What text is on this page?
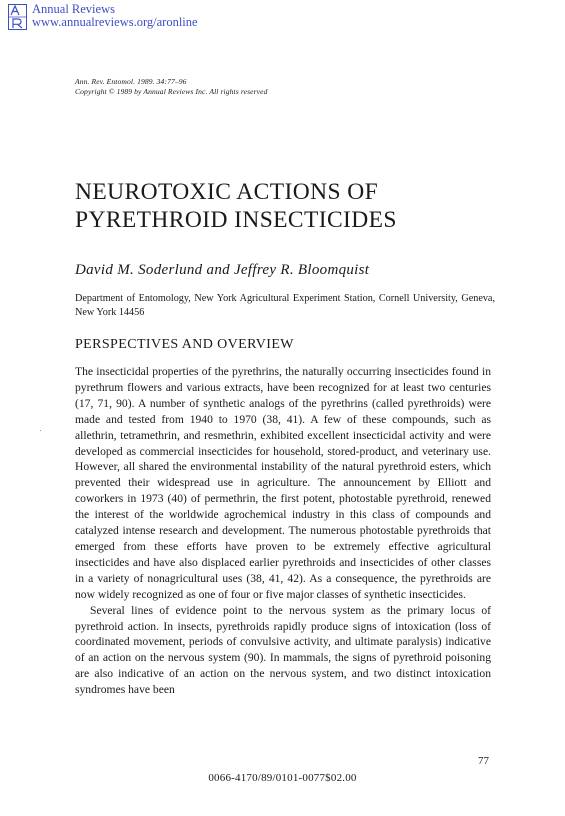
Annual Reviews
www.annualreviews.org/aronline
Ann. Rev. Entomol. 1989. 34:77–96
Copyright © 1989 by Annual Reviews Inc. All rights reserved
NEUROTOXIC ACTIONS OF
PYRETHROID INSECTICIDES
David M. Soderlund and Jeffrey R. Bloomquist
Department of Entomology, New York Agricultural Experiment Station, Cornell University, Geneva, New York 14456
PERSPECTIVES AND OVERVIEW

The insecticidal properties of the pyrethrins, the naturally occurring insecticides found in pyrethrum flowers and various extracts, have been recognized for at least two centuries (17, 71, 90). A number of synthetic analogs of the pyrethrins (called pyrethroids) were made and tested from 1940 to 1970 (38, 41). A few of these compounds, such as allethrin, tetramethrin, and resmethrin, exhibited excellent insecticidal activity and were developed as commercial insecticides for household, stored-product, and veterinary use. However, all shared the environmental instability of the natural pyrethroid esters, which prevented their widespread use in agriculture. The announcement by Elliott and coworkers in 1973 (40) of permethrin, the first potent, photostable pyrethroid, renewed the interest of the worldwide agrochemical industry in this class of compounds and catalyzed intense research and development. The numerous photostable pyrethroids that emerged from these efforts have proven to be extremely effective agricultural insecticides and have also displaced earlier pyrethroids and insecticides of other classes in a variety of nonagricultural uses (38, 41, 42). As a consequence, the pyrethroids are now widely recognized as one of four or five major classes of synthetic insecticides.

Several lines of evidence point to the nervous system as the primary locus of pyrethroid action. In insects, pyrethroids rapidly produce signs of intoxication (loss of coordinated movement, periods of convulsive activity, and ultimate paralysis) indicative of an action on the nervous system (90). In mammals, the signs of pyrethroid poisoning are also indicative of an action on the nervous system, and two distinct intoxication syndromes have been

77
0066-4170/89/0101-0077$02.00
